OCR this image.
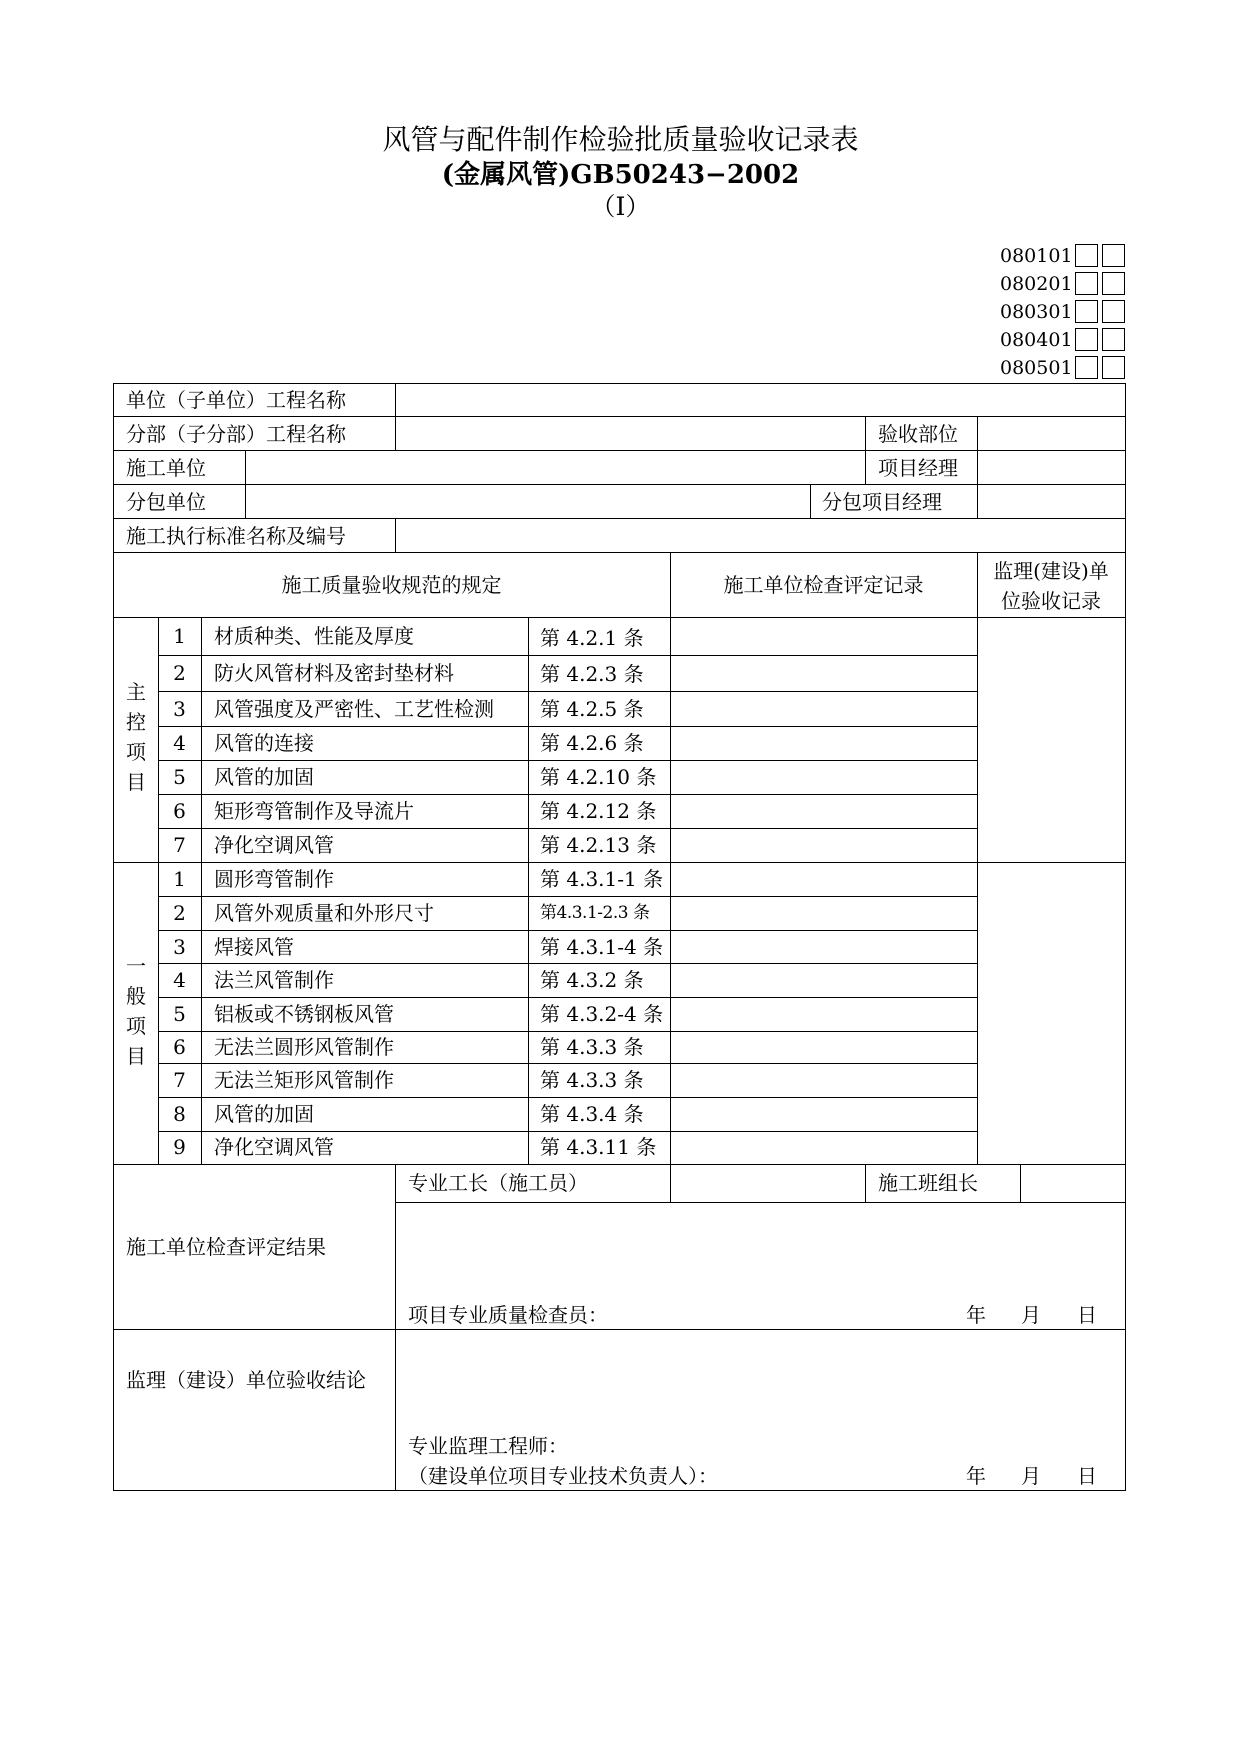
风管与配件制作检验批质量验收记录表
(金属风管)GB50243−2002
（Ⅰ）
080101
080201
080301
080401
080501
单位（子单位）工程名称
分部（子分部）工程名称	验收部位
施工单位	项目经理
分包单位	分包项目经理
施工执行标准名称及编号
施工质量验收规范的规定	施工单位检查评定记录
监理(建设)单位验收记录
主控项目
一般项目
1	材质种类、性能及厚度	第 4.2.1 条
2	防火风管材料及密封垫材料	第 4.2.3 条
3	风管强度及严密性、工艺性检测 第 4.2.5 条
4	风管的连接	第 4.2.6 条
5	风管的加固	第 4.2.10 条
6	矩形弯管制作及导流片	第 4.2.12 条
7	净化空调风管	第 4.2.13 条
1	圆形弯管制作	第 4.3.1-1 条
2	风管外观质量和外形尺寸	第4.3.1-2.3 条
3	焊接风管	第 4.3.1-4 条
4	法兰风管制作	第 4.3.2 条
5	铝板或不锈钢板风管	第 4.3.2-4 条
6	无法兰圆形风管制作	第 4.3.3 条
7	无法兰矩形风管制作	第 4.3.3 条
8	风管的加固	第 4.3.4 条
9	净化空调风管	第 4.3.11 条
专业工长（施工员）	施工班组长
施工单位检查评定结果
项目专业质量检查员：	年 月 日
监理（建设）单位验收结论
专业监理工程师：
（建设单位项目专业技术负责人）：	年 月 日
